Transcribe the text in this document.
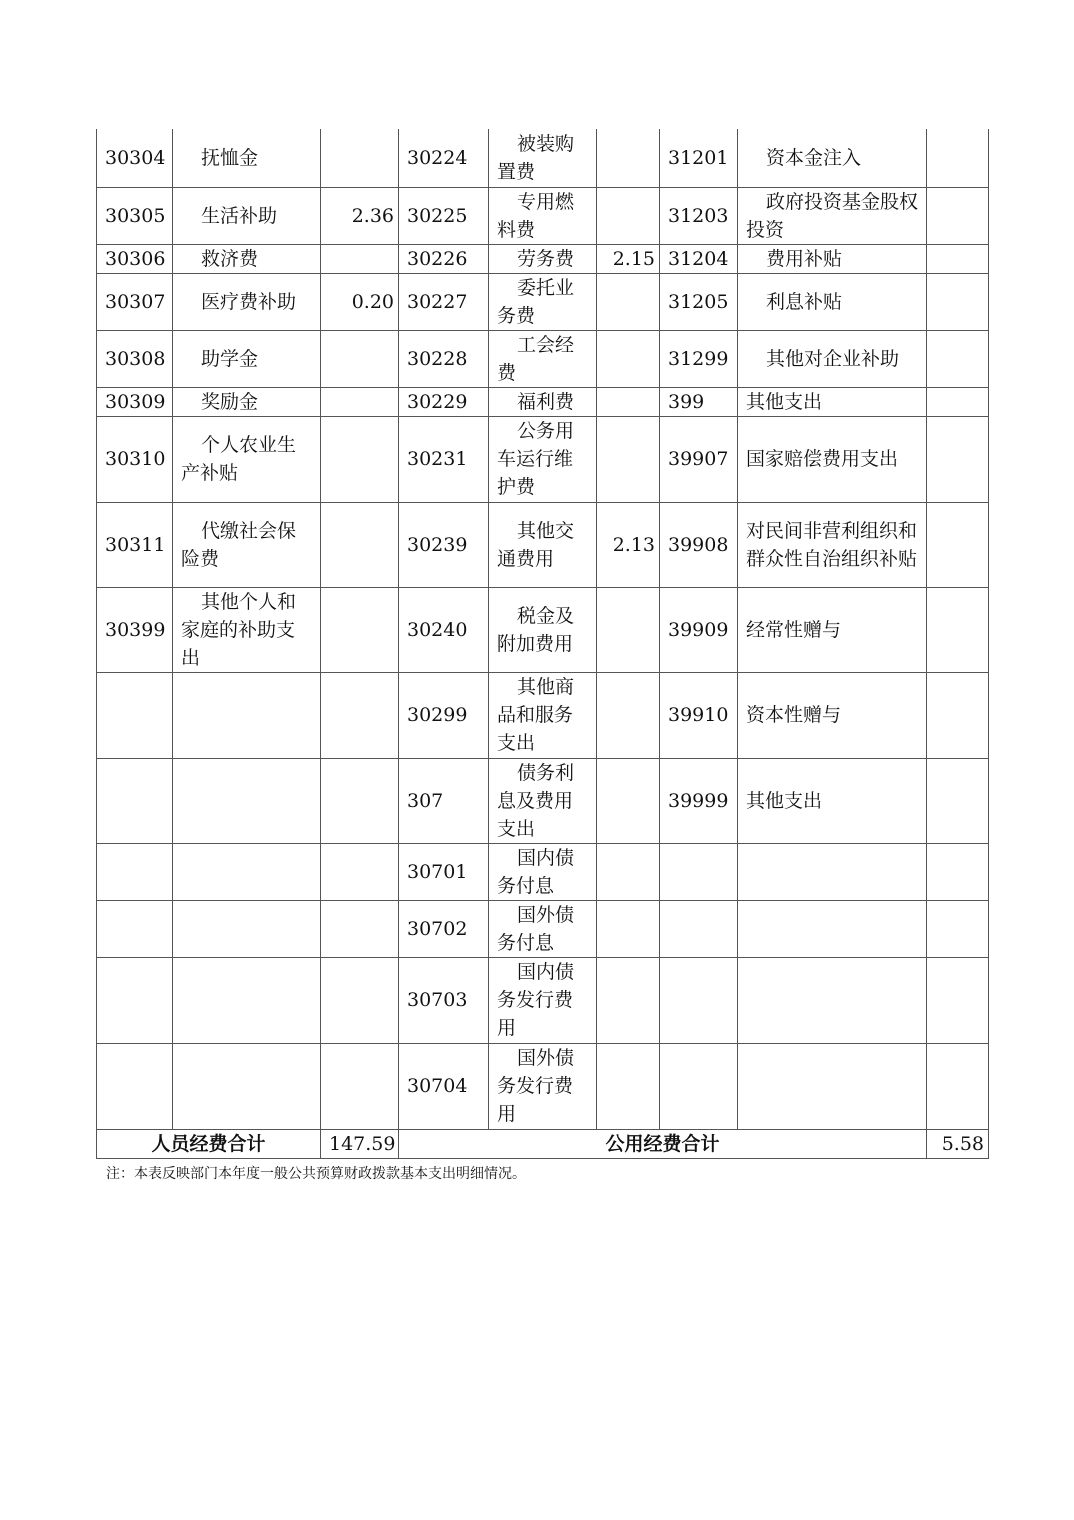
30304	抚恤金		30224	被装购置费		31201	资本金注入	
30305	生活补助	2.36	30225	专用燃料费		31203	政府投资基金股权投资	
30306	救济费		30226	劳务费	2.15	31204	费用补贴	
30307	医疗费补助	0.20	30227	委托业务费		31205	利息补贴	
30308	助学金		30228	工会经费		31299	其他对企业补助	
30309	奖励金		30229	福利费		399	其他支出	
30310	个人农业生产补贴		30231	公务用车运行维护费		39907	国家赔偿费用支出	
30311	代缴社会保险费		30239	其他交通费用	2.13	39908	对民间非营利组织和群众性自治组织补贴	
30399	其他个人和家庭的补助支出		30240	税金及附加费用		39909	经常性赠与	
			30299	其他商品和服务支出		39910	资本性赠与	
			307	债务利息及费用支出		39999	其他支出	
			30701	国内债务付息				
			30702	国外债务付息				
			30703	国内债务发行费用				
			30704	国外债务发行费用				
人员经费合计		147.59	公用经费合计					5.58
注：本表反映部门本年度一般公共预算财政拨款基本支出明细情况。
